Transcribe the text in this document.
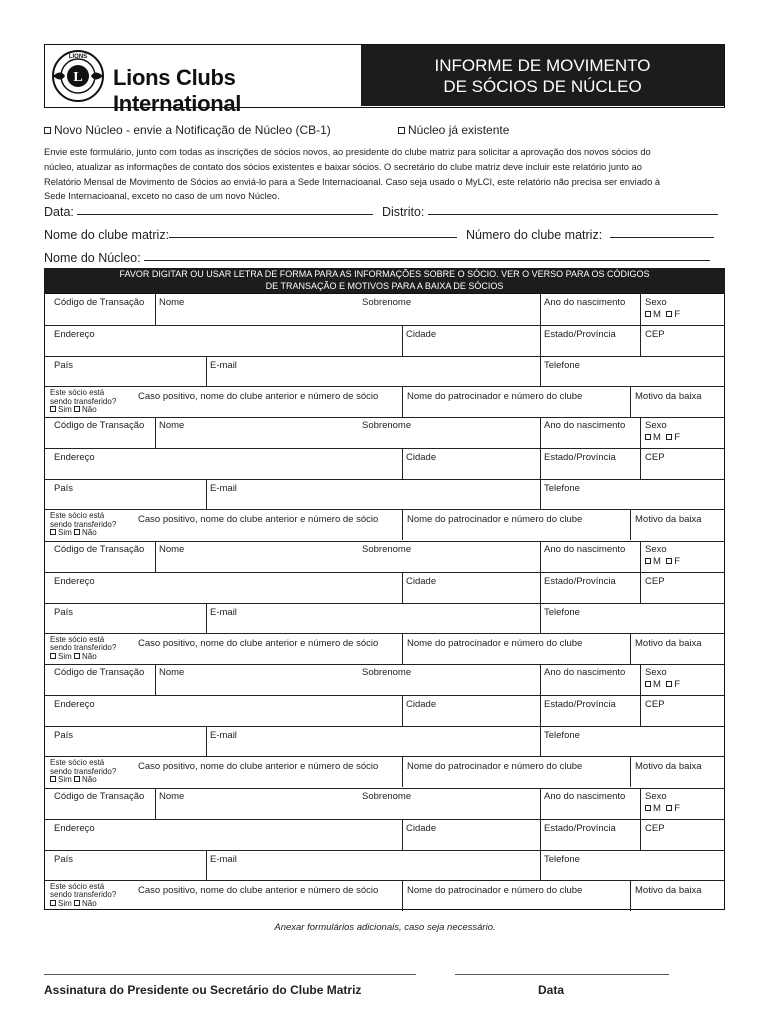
L
LIONS
Lions Clubs International
INFORME DE MOVIMENTO
DE SÓCIOS DE NÚCLEO
Novo Núcleo - envie a Notificação de Núcleo (CB-1)	Núcleo já existente
Envie este formulário, junto com todas as inscrições de sócios novos, ao presidente do clube matriz para solicitar a aprovação dos novos sócios do
núcleo, atualizar as informações de contato dos sócios existentes e baixar sócios. O secretário do clube matriz deve incluir este relatório junto ao
Relatório Mensal de Movimento de Sócios ao enviá-lo para a Sede Internacioanal. Caso seja usado o MyLCI, este relatório não precisa ser enviado à
Sede Internacioanal, exceto no caso de um novo Núcleo.
Data:	Distrito:
Nome do clube matriz:	Número do clube matriz:
Nome do Núcleo:
FAVOR DIGITAR OU USAR LETRA DE FORMA PARA AS INFORMAÇÕES SOBRE O SÓCIO. VER O VERSO PARA OS CÓDIGOS
DE TRANSAÇÃO E MOTIVOS PARA A BAIXA DE SÓCIOS
Código de Transação Nome	Sobrenome	Ano do nascimento Sexo
M F
Endereço	Cidade	Estado/Província	CEP
País	E-mail	Telefone
Este sócio está
sendo transferido?
Sim Não
Caso positivo, nome do clube anterior e número de sócio	Nome do patrocinador e número do clube	Motivo da baixa
Código de Transação Nome	Sobrenome	Ano do nascimento Sexo
M F
Endereço	Cidade	Estado/Província	CEP
País	E-mail	Telefone
Este sócio está
sendo transferido?
Sim Não
Caso positivo, nome do clube anterior e número de sócio	Nome do patrocinador e número do clube	Motivo da baixa
Código de Transação Nome	Sobrenome	Ano do nascimento Sexo
M F
Endereço	Cidade	Estado/Província	CEP
País	E-mail	Telefone
Este sócio está
sendo transferido?
Sim Não
Caso positivo, nome do clube anterior e número de sócio	Nome do patrocinador e número do clube	Motivo da baixa
Código de Transação Nome	Sobrenome	Ano do nascimento Sexo
M F
Endereço	Cidade	Estado/Província	CEP
País	E-mail	Telefone
Este sócio está
sendo transferido?
Sim Não
Caso positivo, nome do clube anterior e número de sócio	Nome do patrocinador e número do clube	Motivo da baixa
Código de Transação Nome	Sobrenome	Ano do nascimento Sexo
M F
Endereço	Cidade	Estado/Província	CEP
País	E-mail	Telefone
Este sócio está
sendo transferido?
Sim Não
Caso positivo, nome do clube anterior e número de sócio	Nome do patrocinador e número do clube	Motivo da baixa
Anexar formulários adicionais, caso seja necessário.
Assinatura do Presidente ou Secretário do Clube Matriz	Data
